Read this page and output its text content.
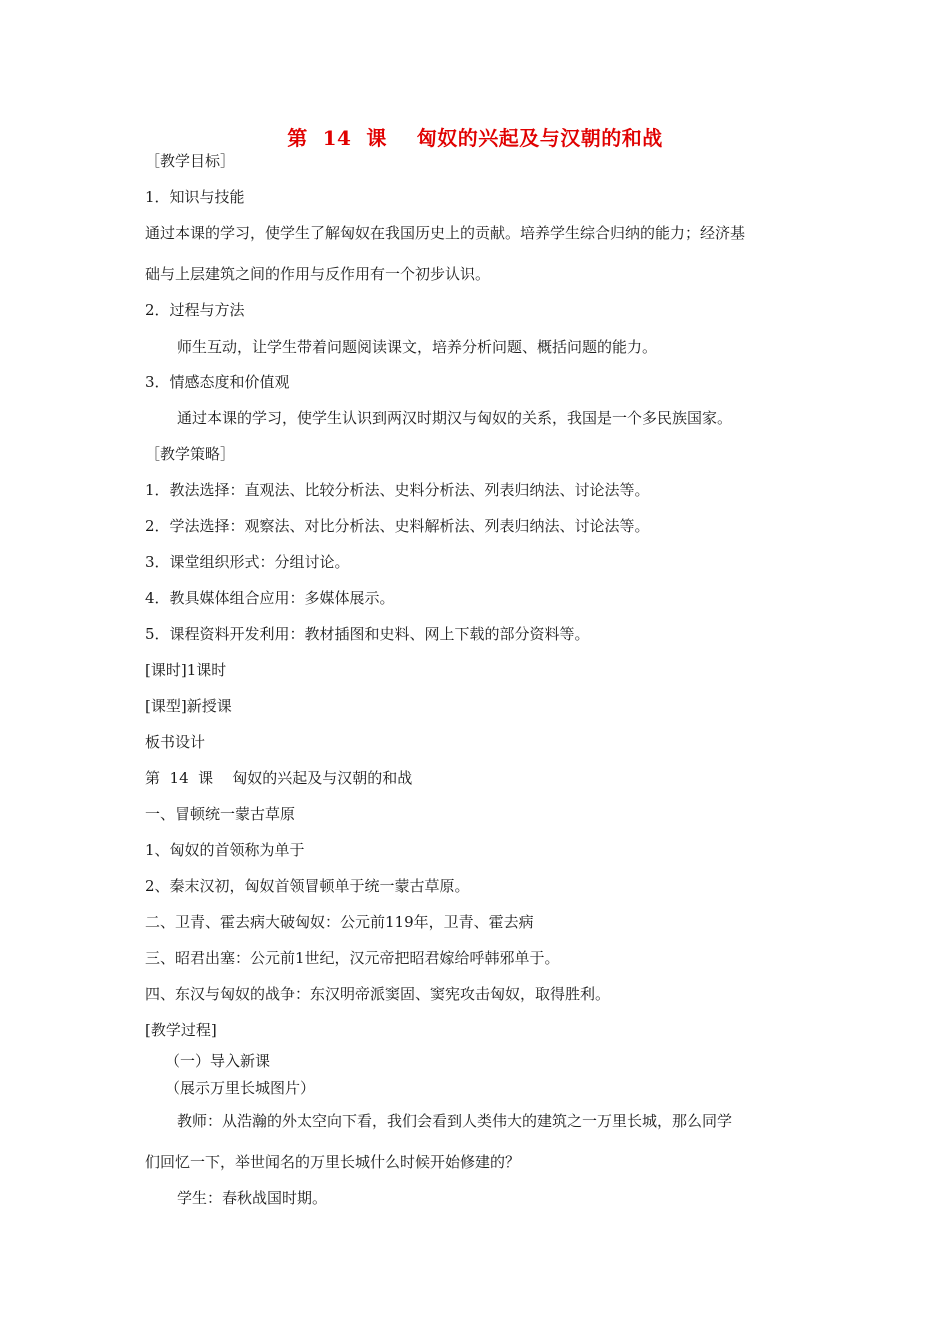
第  14  课    匈奴的兴起及与汉朝的和战
［教学目标］
1．知识与技能
通过本课的学习，使学生了解匈奴在我国历史上的贡献。培养学生综合归纳的能力；经济基
础与上层建筑之间的作用与反作用有一个初步认识。
2．过程与方法
师生互动，让学生带着问题阅读课文，培养分析问题、概括问题的能力。
3．情感态度和价值观
通过本课的学习，使学生认识到两汉时期汉与匈奴的关系，我国是一个多民族国家。
［教学策略］
1．教法选择：直观法、比较分析法、史料分析法、列表归纳法、讨论法等。
2．学法选择：观察法、对比分析法、史料解析法、列表归纳法、讨论法等。
3．课堂组织形式：分组讨论。
4．教具媒体组合应用：多媒体展示。
5．课程资料开发利用：教材插图和史料、网上下载的部分资料等。
[课时]1课时
[课型]新授课
板书设计
第  14  课    匈奴的兴起及与汉朝的和战
一、冒顿统一蒙古草原
1、匈奴的首领称为单于
2、秦末汉初，匈奴首领冒顿单于统一蒙古草原。
二、卫青、霍去病大破匈奴：公元前119年，卫青、霍去病
三、昭君出塞：公元前1世纪，汉元帝把昭君嫁给呼韩邪单于。
四、东汉与匈奴的战争：东汉明帝派窦固、窦宪攻击匈奴，取得胜利。
[教学过程]
（一）导入新课
（展示万里长城图片）
教师：从浩瀚的外太空向下看，我们会看到人类伟大的建筑之一万里长城，那么同学
们回忆一下，举世闻名的万里长城什么时候开始修建的？
学生：春秋战国时期。
